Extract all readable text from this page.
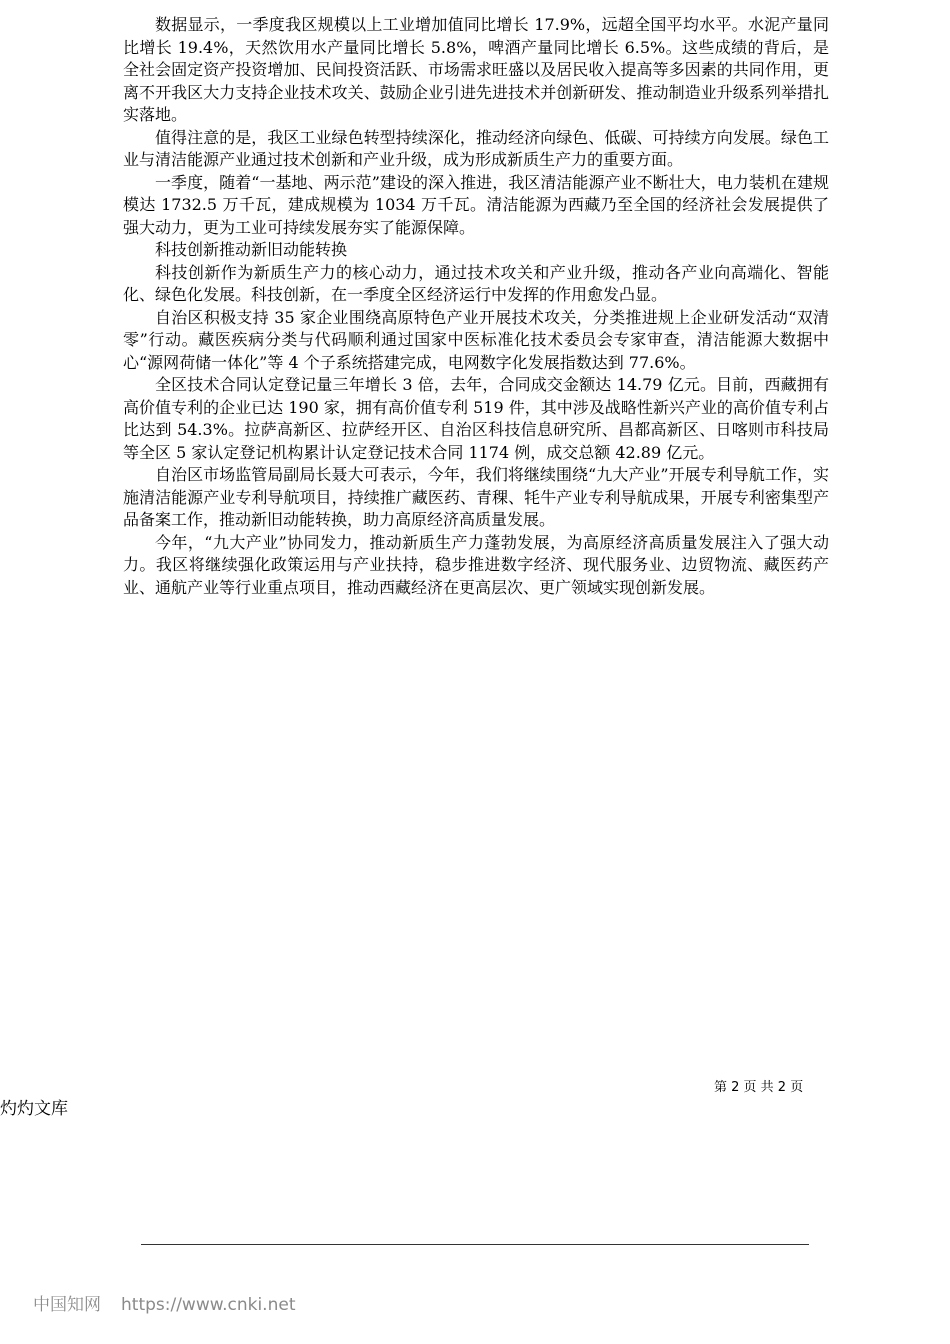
数据显示，一季度我区规模以上工业增加值同比增长 17.9%，远超全国平均水平。水泥产量同比增长 19.4%，天然饮用水产量同比增长 5.8%，啤酒产量同比增长 6.5%。这些成绩的背后，是全社会固定资产投资增加、民间投资活跃、市场需求旺盛以及居民收入提高等多因素的共同作用，更离不开我区大力支持企业技术攻关、鼓励企业引进先进技术并创新研发、推动制造业升级系列举措扎实落地。

值得注意的是，我区工业绿色转型持续深化，推动经济向绿色、低碳、可持续方向发展。绿色工业与清洁能源产业通过技术创新和产业升级，成为形成新质生产力的重要方面。

一季度，随着“一基地、两示范”建设的深入推进，我区清洁能源产业不断壮大，电力装机在建规模达 1732.5 万千瓦，建成规模为 1034 万千瓦。清洁能源为西藏乃至全国的经济社会发展提供了强大动力，更为工业可持续发展夯实了能源保障。

科技创新推动新旧动能转换

科技创新作为新质生产力的核心动力，通过技术攻关和产业升级，推动各产业向高端化、智能化、绿色化发展。科技创新，在一季度全区经济运行中发挥的作用愈发凸显。

自治区积极支持 35 家企业围绕高原特色产业开展技术攻关，分类推进规上企业研发活动“双清零”行动。藏医疾病分类与代码顺利通过国家中医标准化技术委员会专家审查，清洁能源大数据中心“源网荷储一体化”等 4 个子系统搭建完成，电网数字化发展指数达到 77.6%。

全区技术合同认定登记量三年增长 3 倍，去年，合同成交金额达 14.79 亿元。目前，西藏拥有高价值专利的企业已达 190 家，拥有高价值专利 519 件，其中涉及战略性新兴产业的高价值专利占比达到 54.3%。拉萨高新区、拉萨经开区、自治区科技信息研究所、昌都高新区、日喀则市科技局等全区 5 家认定登记机构累计认定登记技术合同 1174 例，成交总额 42.89 亿元。

自治区市场监管局副局长聂大可表示，今年，我们将继续围绕“九大产业”开展专利导航工作，实施清洁能源产业专利导航项目，持续推广藏医药、青稞、牦牛产业专利导航成果，开展专利密集型产品备案工作，推动新旧动能转换，助力高原经济高质量发展。

今年，“九大产业”协同发力，推动新质生产力蓬勃发展，为高原经济高质量发展注入了强大动力。我区将继续强化政策运用与产业扶持，稳步推进数字经济、现代服务业、边贸物流、藏医药产业、通航产业等行业重点项目，推动西藏经济在更高层次、更广领域实现创新发展。

第 2 页 共 2 页
灼灼文库
中国知网 https://www.cnki.net
